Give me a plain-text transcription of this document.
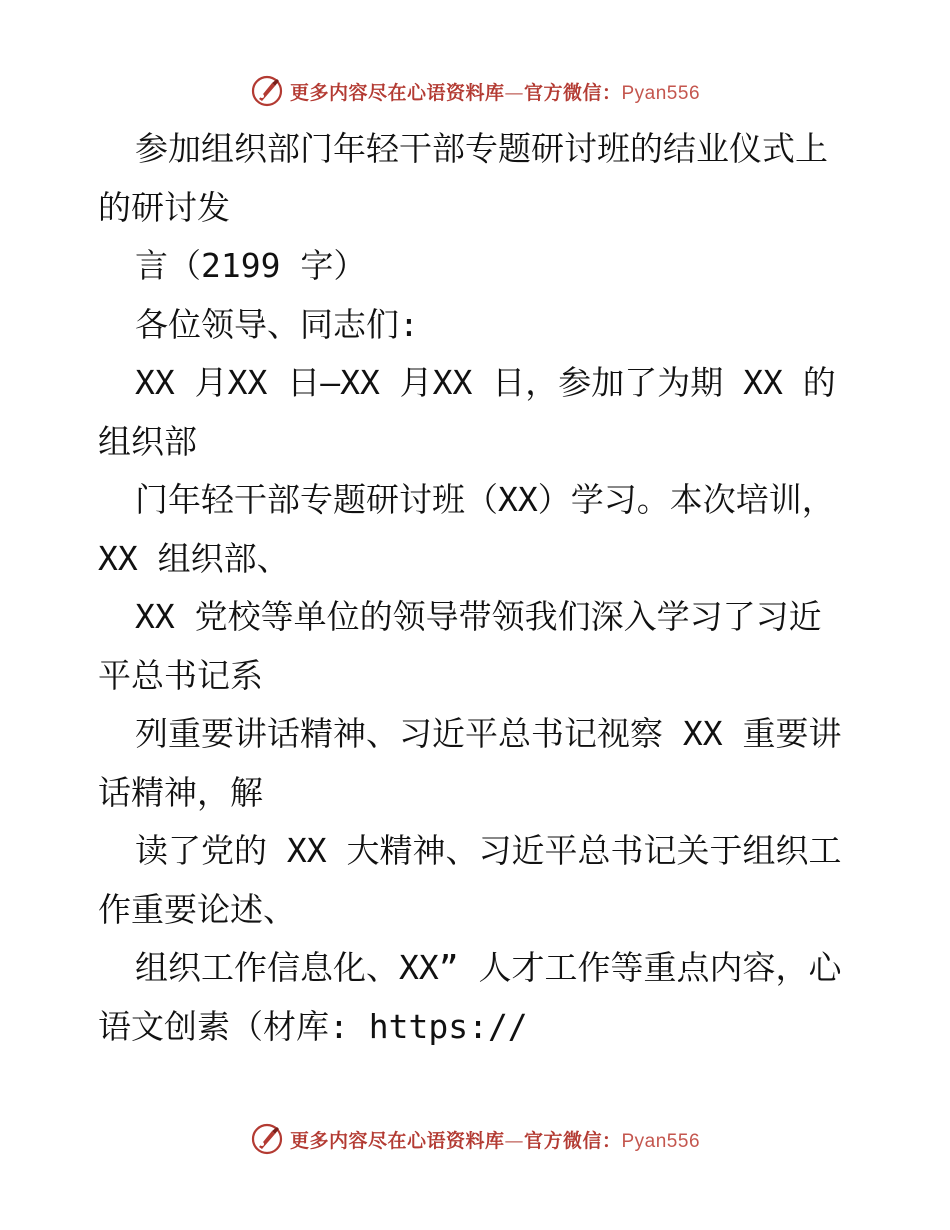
更多内容尽在心语资料库—官方微信：Pyan556
参加组织部门年轻干部专题研讨班的结业仪式上
的研讨发
言（2199 字）
各位领导、同志们:
XX 月XX 日—XX 月XX 日，参加了为期 XX 的
组织部
门年轻干部专题研讨班（XX）学习。本次培训，
XX 组织部、
XX 党校等单位的领导带领我们深入学习了习近
平总书记系
列重要讲话精神、习近平总书记视察 XX 重要讲
话精神，解
读了党的 XX 大精神、习近平总书记关于组织工
作重要论述、
组织工作信息化、XX” 人才工作等重点内容，心
语文创素（材库: https://
更多内容尽在心语资料库—官方微信：Pyan556
